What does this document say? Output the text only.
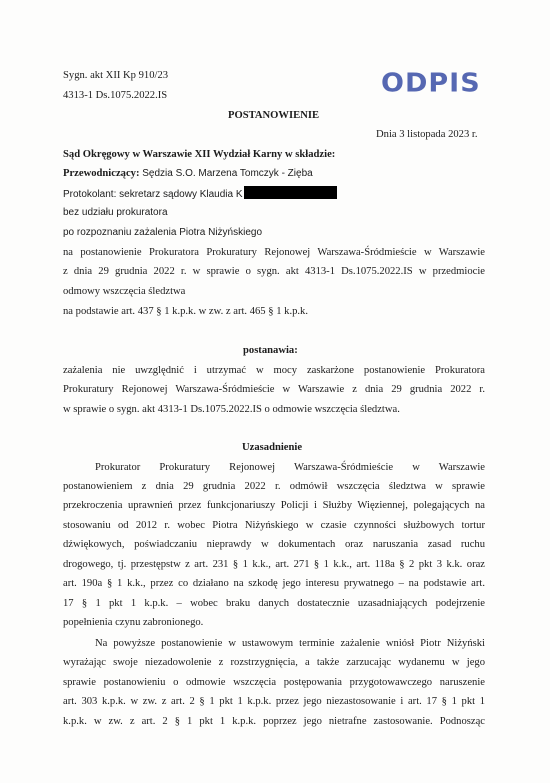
Sygn. akt XII Kp 910/23
4313-1 Ds.1075.2022.IS	ODPIS
POSTANOWIENIE
Dnia 3 listopada 2023 r.
Sąd Okręgowy w Warszawie XII Wydział Karny w składzie:
Przewodniczący: Sędzia S.O. Marzena Tomczyk - Zięba
Protokolant: sekretarz sądowy Klaudia K
bez udziału prokuratora
po rozpoznaniu zażalenia Piotra Niżyńskiego
na postanowienie Prokuratora Prokuratury Rejonowej Warszawa-Śródmieście w Warszawie
z dnia 29 grudnia 2022 r. w sprawie o sygn. akt 4313-1 Ds.1075.2022.IS w przedmiocie
odmowy wszczęcia śledztwa
na podstawie art. 437 § 1 k.p.k. w zw. z art. 465 § 1 k.p.k.
postanawia:
zażalenia nie uwzględnić i utrzymać w mocy zaskarżone postanowienie Prokuratora
Prokuratury Rejonowej Warszawa-Śródmieście w Warszawie z dnia 29 grudnia 2022 r.
w sprawie o sygn. akt 4313-1 Ds.1075.2022.IS o odmowie wszczęcia śledztwa.
Uzasadnienie
Prokurator Prokuratury Rejonowej Warszawa-Śródmieście w Warszawie
postanowieniem z dnia 29 grudnia 2022 r. odmówił wszczęcia śledztwa w sprawie
przekroczenia uprawnień przez funkcjonariuszy Policji i Służby Więziennej, polegających na
stosowaniu od 2012 r. wobec Piotra Niżyńskiego w czasie czynności służbowych tortur
dźwiękowych, poświadczaniu nieprawdy w dokumentach oraz naruszania zasad ruchu
drogowego, tj. przestępstw z art. 231 § 1 k.k., art. 271 § 1 k.k., art. 118a § 2 pkt 3 k.k. oraz
art. 190a § 1 k.k., przez co działano na szkodę jego interesu prywatnego – na podstawie art.
17 § 1 pkt 1 k.p.k. – wobec braku danych dostatecznie uzasadniających podejrzenie
popełnienia czynu zabronionego.
Na powyższe postanowienie w ustawowym terminie zażalenie wniósł Piotr Niżyński
wyrażając swoje niezadowolenie z rozstrzygnięcia, a także zarzucając wydanemu w jego
sprawie postanowieniu o odmowie wszczęcia postępowania przygotowawczego naruszenie
art. 303 k.p.k. w zw. z art. 2 § 1 pkt 1 k.p.k. przez jego niezastosowanie i art. 17 § 1 pkt 1
k.p.k. w zw. z art. 2 § 1 pkt 1 k.p.k. poprzez jego nietrafne zastosowanie. Podnosząc
